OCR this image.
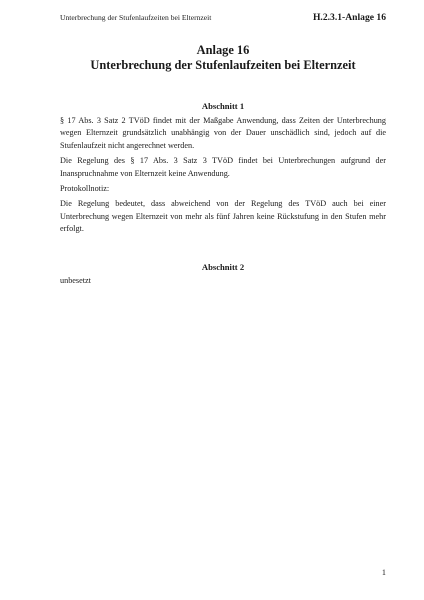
Unterbrechung der Stufenlaufzeiten bei Elternzeit	H.2.3.1-Anlage 16
Anlage 16
Unterbrechung der Stufenlaufzeiten bei Elternzeit
Abschnitt 1

§ 17 Abs. 3 Satz 2 TVöD findet mit der Maßgabe Anwendung, dass Zeiten der Unterbrechung wegen Elternzeit grundsätzlich unabhängig von der Dauer unschädlich sind, jedoch auf die Stufenlaufzeit nicht angerechnet werden.

Die Regelung des § 17 Abs. 3 Satz 3 TVöD findet bei Unterbrechungen aufgrund der Inanspruchnahme von Elternzeit keine Anwendung.

Protokollnotiz:

Die Regelung bedeutet, dass abweichend von der Regelung des TVöD auch bei einer Unterbrechung wegen Elternzeit von mehr als fünf Jahren keine Rückstufung in den Stufen mehr erfolgt.

Abschnitt 2

unbesetzt

1
